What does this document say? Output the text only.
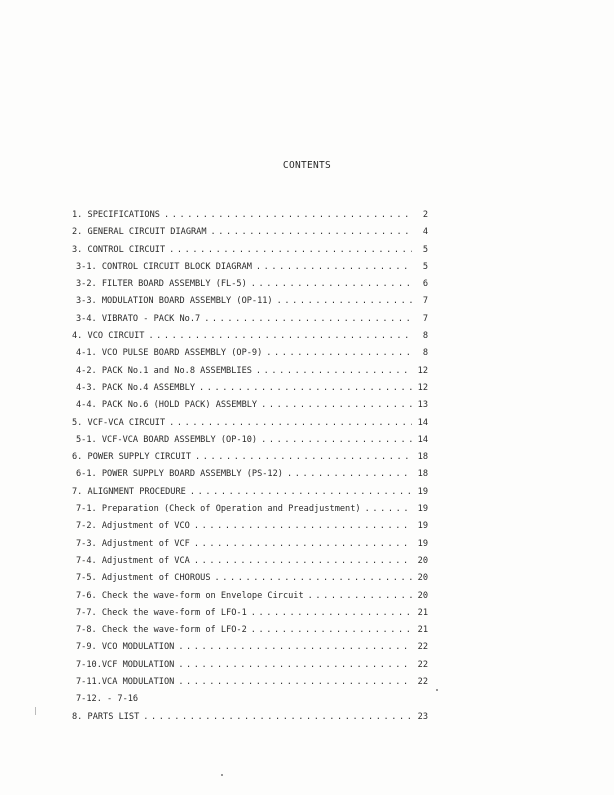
CONTENTS
1. SPECIFICATIONS . . .	2
2. GENERAL CIRCUIT DIAGRAM . . .	4
3. CONTROL CIRCUIT . . .	5
3-1. CONTROL CIRCUIT BLOCK DIAGRAM . . .	5
3-2. FILTER BOARD ASSEMBLY (FL-5) . . .	6
3-3. MODULATION BOARD ASSEMBLY (OP-11) . . .	7
3-4. VIBRATO - PACK No.7 . . .	7
4. VCO CIRCUIT . . .	8
4-1. VCO PULSE BOARD ASSEMBLY (OP-9) . . .	8
4-2. PACK No.1 and No.8 ASSEMBLIES . . .	12
4-3. PACK No.4 ASSEMBLY . . .	12
4-4. PACK No.6 (HOLD PACK) ASSEMBLY . . .	13
5. VCF-VCA CIRCUIT . . .	14
5-1. VCF-VCA BOARD ASSEMBLY (OP-10) . . .	14
6. POWER SUPPLY CIRCUIT . . .	18
6-1. POWER SUPPLY BOARD ASSEMBLY (PS-12) . . .	18
7. ALIGNMENT PROCEDURE . . .	19
7-1. Preparation (Check of Operation and Preadjustment) . . .	19
7-2. Adjustment of VCO . . .	19
7-3. Adjustment of VCF . . .	19
7-4. Adjustment of VCA . . .	20
7-5. Adjustment of CHOROUS . . .	20
7-6. Check the wave-form on Envelope Circuit . . .	20
7-7. Check the wave-form of LFO-1 . . .	21
7-8. Check the wave-form of LFO-2 . . .	21
7-9. VCO MODULATION . . .	22
7-10.VCF MODULATION . . .	22
7-11.VCA MODULATION . . .	22
7-12. - 7-16
8. PARTS LIST . . .	23
